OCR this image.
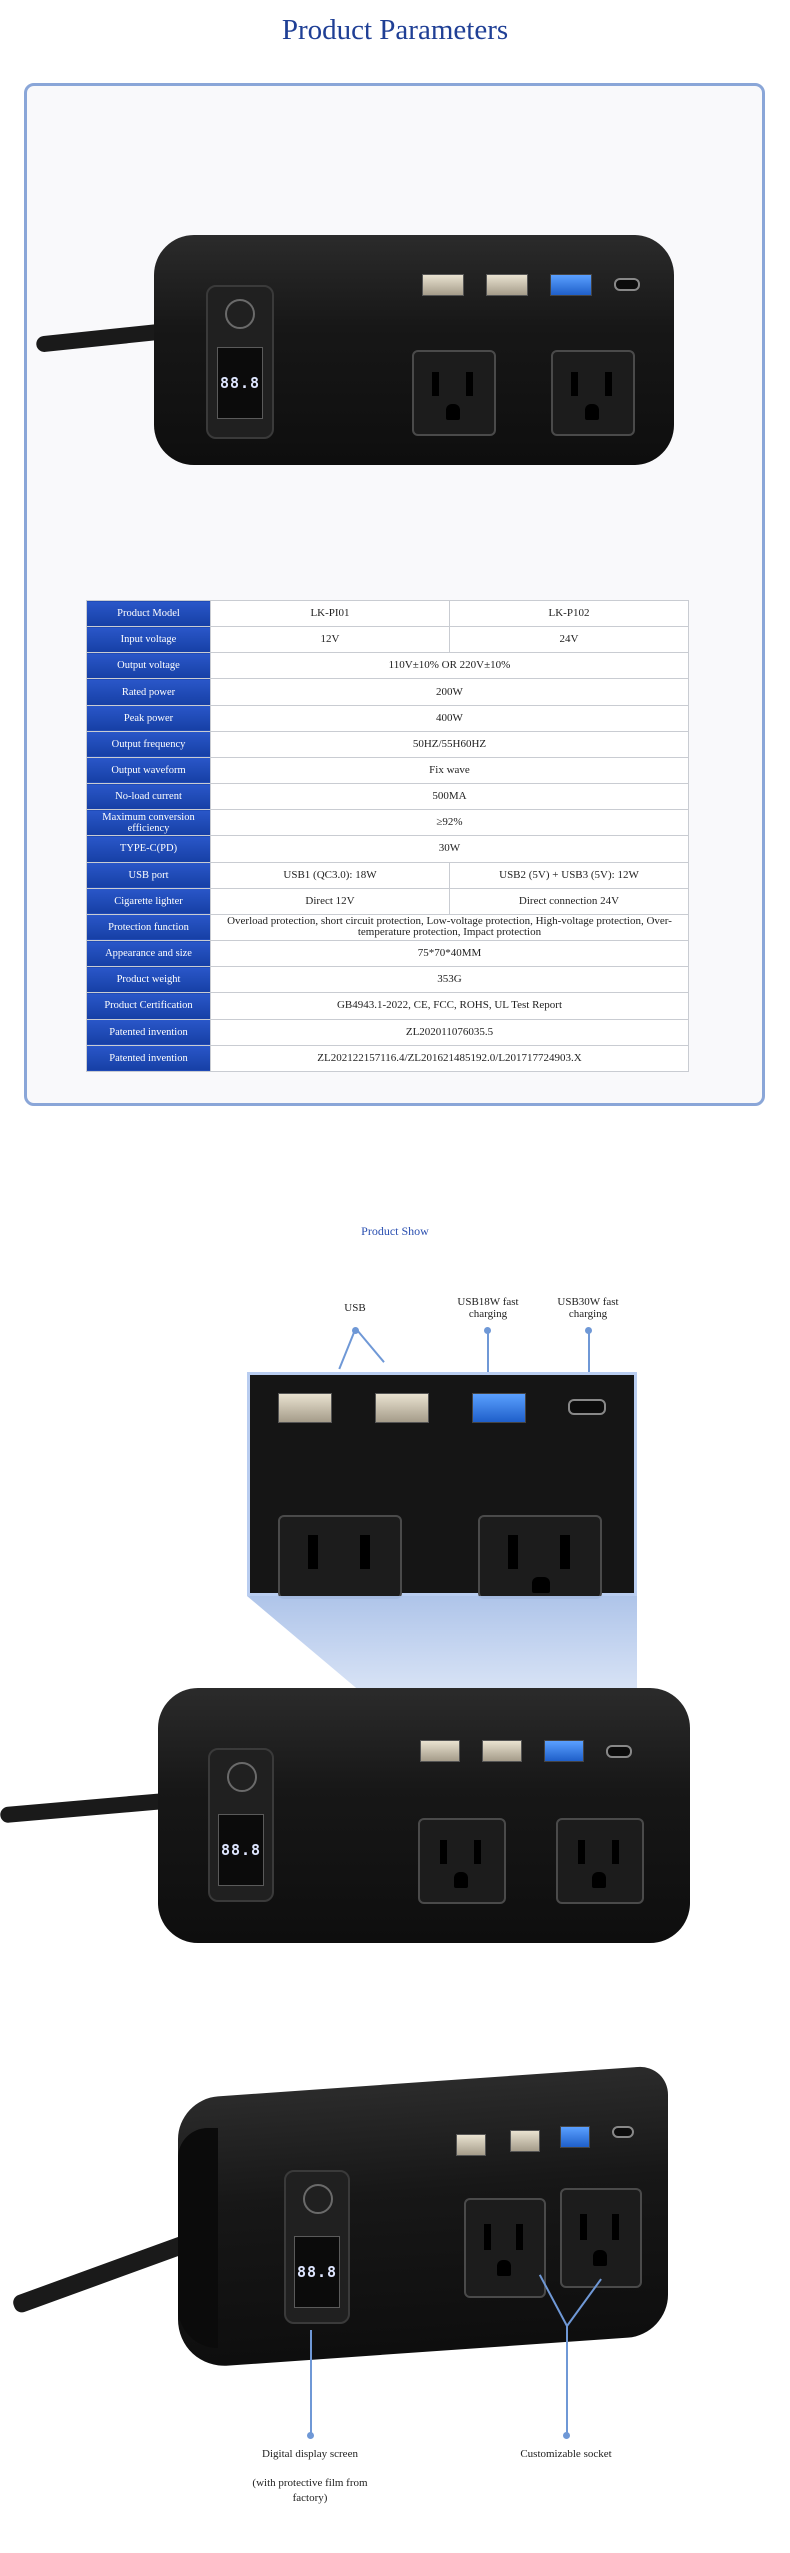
Product Parameters
88.8
Product Model	LK-PI01	LK-P102
Input voltage	12V	24V
Output voltage	110V±10% OR 220V±10%	
Rated power	200W	
Peak power	400W	
Output frequency	50HZ/55H60HZ	
Output waveform	Fix wave	
No-load current	500MA	
Maximum conversion efficiency	≥92%	
TYPE-C(PD)	30W	
USB port	USB1 (QC3.0): 18W	USB2 (5V) + USB3 (5V): 12W
Cigarette lighter	Direct 12V	Direct connection 24V
Protection function	Overload protection, short circuit protection, Low-voltage protection, High-voltage protection, Over-temperature protection, Impact protection	
Appearance and size	75*70*40MM	
Product weight	353G	
Product Certification	GB4943.1-2022, CE, FCC, ROHS, UL Test Report	
Patented invention	ZL202011076035.5	
Patented invention	ZL202122157116.4/ZL201621485192.0/L201717724903.X	
Product Show
USB	USB18W fast charging
USB30W fast charging
88.8
88.8
Digital display screen
(with protective film from factory)
Customizable socket
